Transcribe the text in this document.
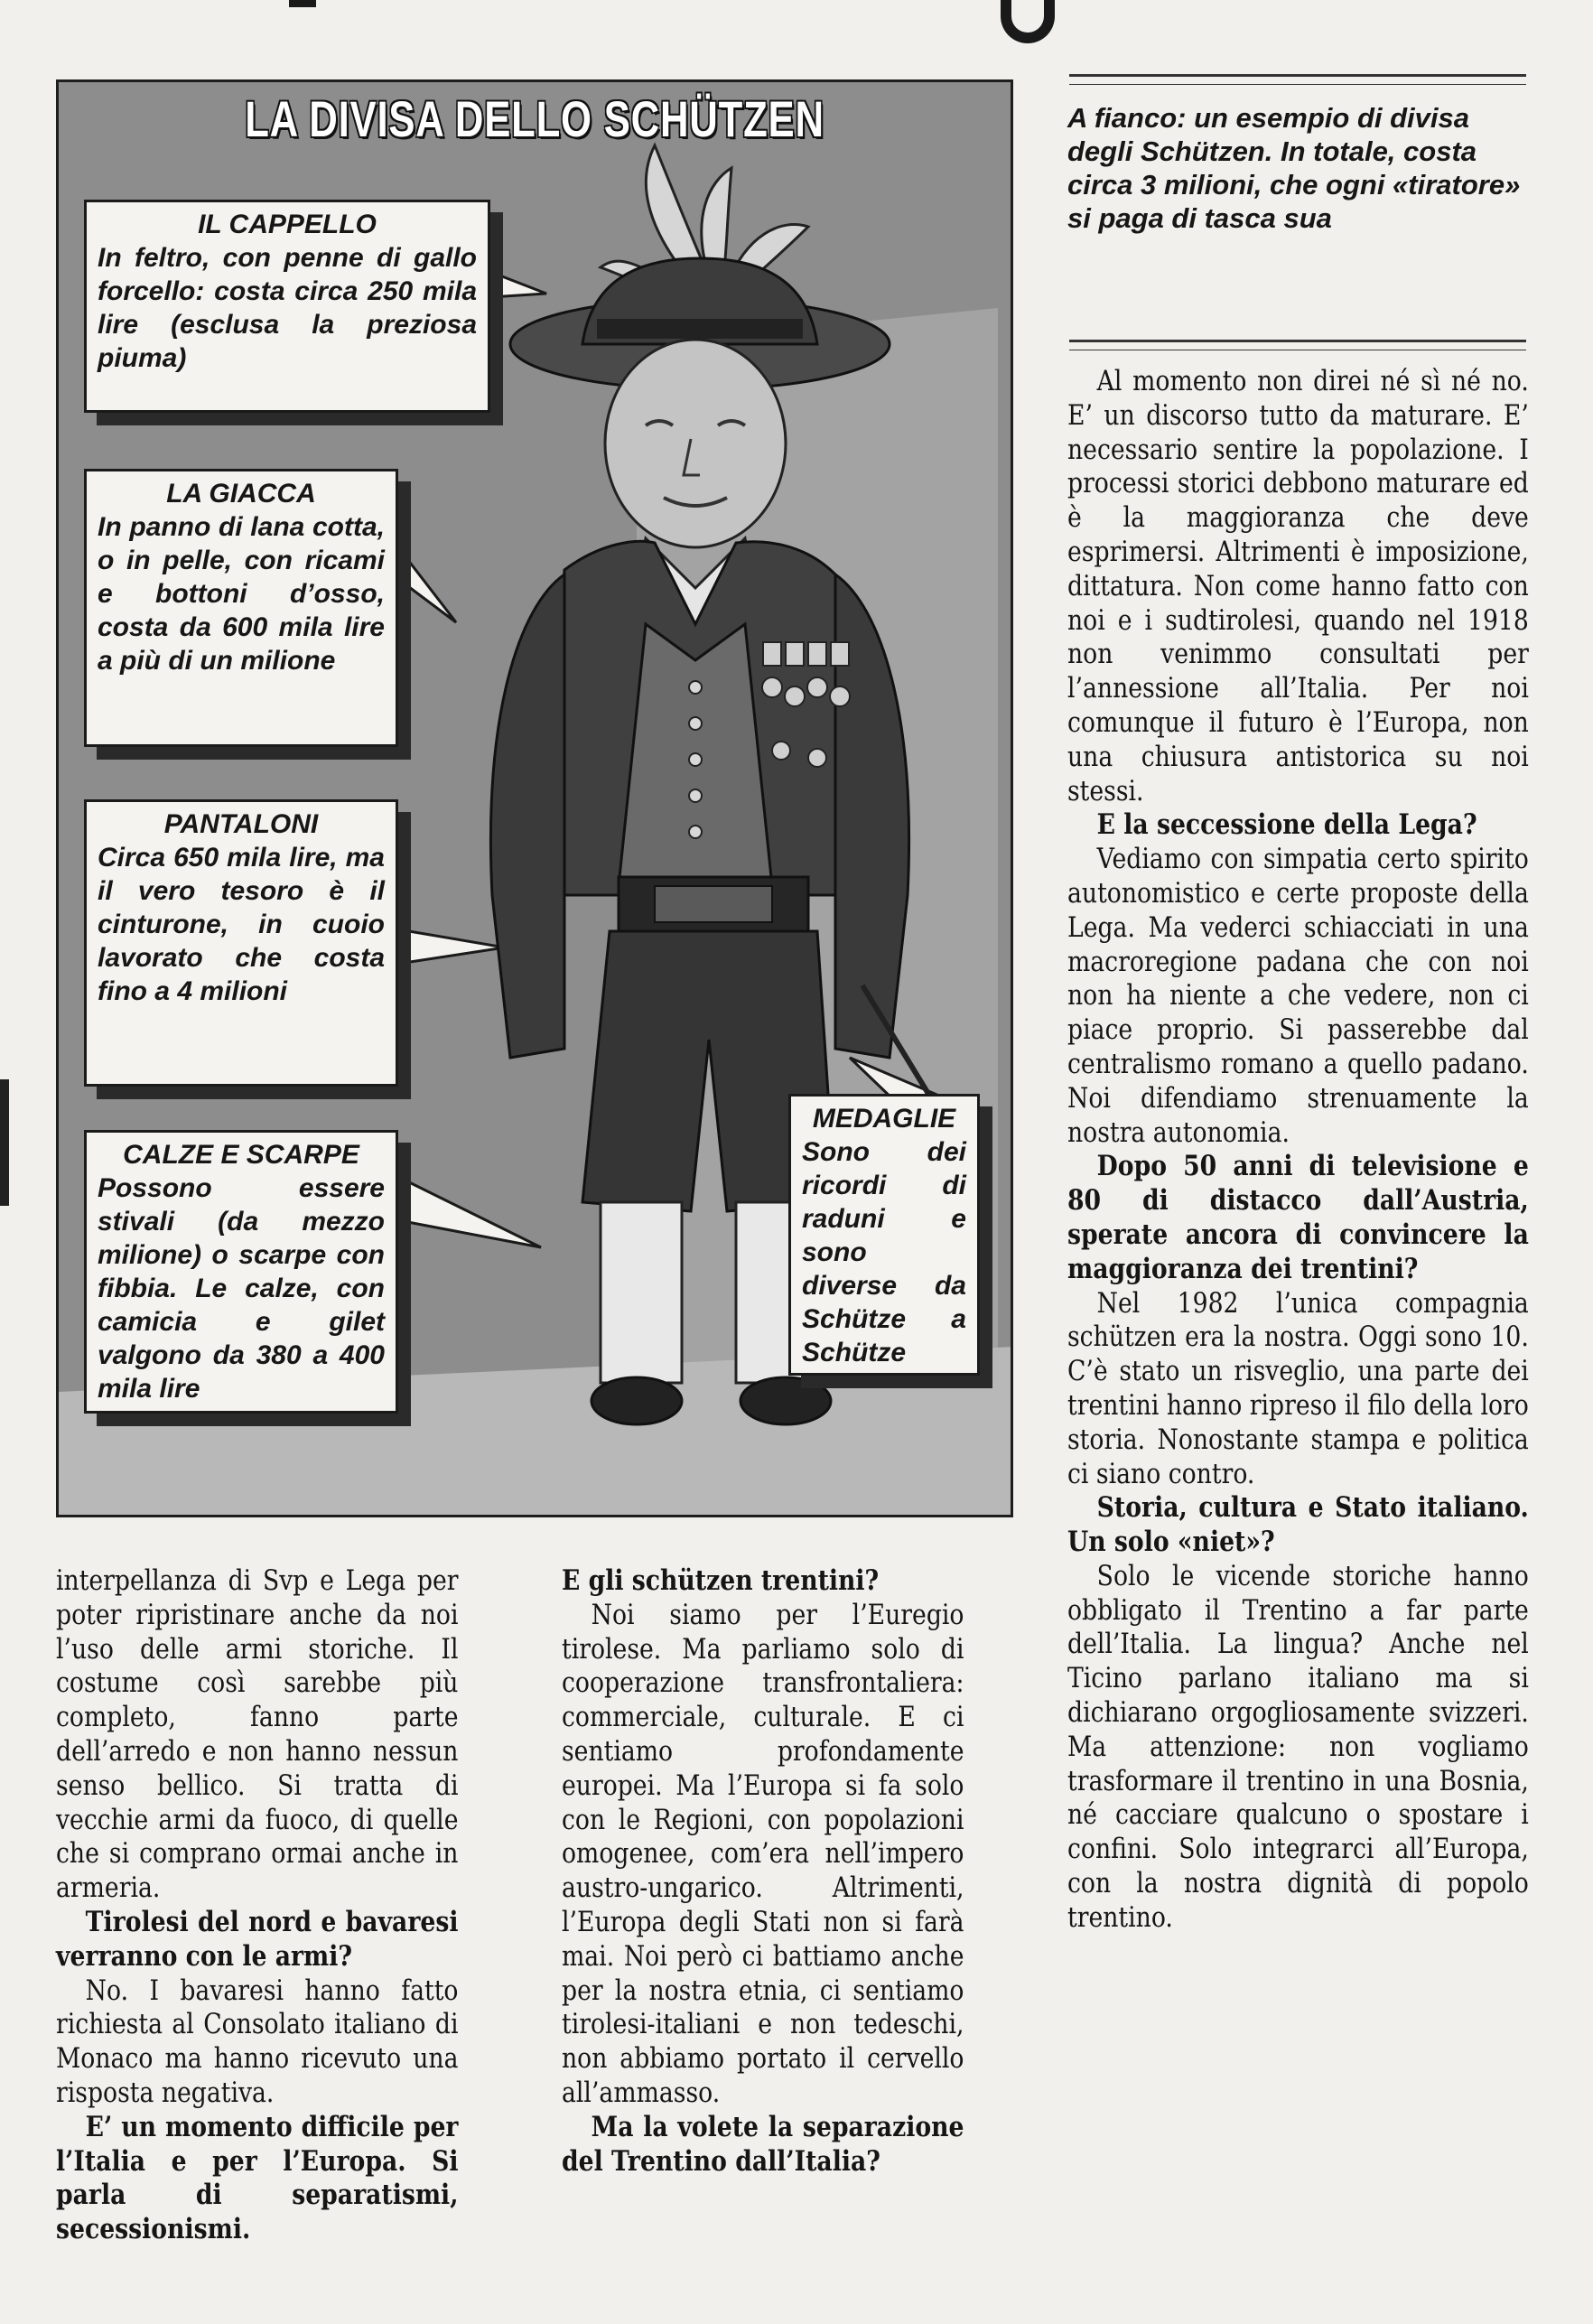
LA DIVISA DELLO SCHÜTZEN
IL CAPPELLO
In feltro, con penne di gallo forcello: costa circa 250 mila lire (esclusa la preziosa piuma)
LA GIACCA
In panno di lana cotta, o in pelle, con ricami e bottoni d’osso, costa da 600 mila lire a più di un milione
PANTALONI
Circa 650 mila lire, ma il vero tesoro è il cinturone, in cuoio lavorato che costa fino a 4 milioni
CALZE E SCARPE
Possono essere stivali (da mezzo milione) o scarpe con fibbia. Le calze, con camicia e gilet valgono da 380 a 400 mila lire
MEDAGLIE
Sono dei ricordi di raduni e sono diverse da Schütze a Schütze
A fianco: un esempio di divisa degli Schützen. In totale, costa circa 3 milioni, che ogni «tiratore» si paga di tasca sua

Al momento non direi né sì né no. E’ un discorso tutto da maturare. E’ necessario sentire la popolazione. I processi storici debbono maturare ed è la maggioranza che deve esprimersi. Altrimenti è imposizione, dittatura. Non come hanno fatto con noi e i sudtirolesi, quando nel 1918 non venimmo consultati per l’annessione all’Italia. Per noi comunque il futuro è l’Europa, non una chiusura antistorica su noi stessi.

E la seccessione della Lega?

Vediamo con simpatia certo spirito autonomistico e certe proposte della Lega. Ma vederci schiacciati in una macroregione padana che con noi non ha niente a che vedere, non ci piace proprio. Si passerebbe dal centralismo romano a quello padano. Noi difendiamo strenuamente la nostra autonomia.

Dopo 50 anni di televisione e 80 di distacco dall’Austria, sperate ancora di convincere la maggioranza dei trentini?

Nel 1982 l’unica compagnia schützen era la nostra. Oggi sono 10. C’è stato un risveglio, una parte dei trentini hanno ripreso il filo della loro storia. Nonostante stampa e politica ci siano contro.

Storia, cultura e Stato italiano. Un solo «niet»?

Solo le vicende storiche hanno obbligato il Trentino a far parte dell’Italia. La lingua? Anche nel Ticino parlano italiano ma si dichiarano orgogliosamente svizzeri. Ma attenzione: non vogliamo trasformare il trentino in una Bosnia, né cacciare qualcuno o spostare i confini. Solo integrarci all’Europa, con la nostra dignità di popolo trentino.

interpellanza di Svp e Lega per poter ripristinare anche da noi l’uso delle armi storiche. Il costume così sarebbe più completo, fanno parte dell’arredo e non hanno nessun senso bellico. Si tratta di vecchie armi da fuoco, di quelle che si comprano ormai anche in armeria.

Tirolesi del nord e bavaresi verranno con le armi?

No. I bavaresi hanno fatto richiesta al Consolato italiano di Monaco ma hanno ricevuto una risposta negativa.

E’ un momento difficile per l’Italia e per l’Europa. Si parla di separatismi, secessionismi.

E gli schützen trentini?

Noi siamo per l’Euregio tirolese. Ma parliamo solo di cooperazione transfrontaliera: commerciale, culturale. E ci sentiamo profondamente europei. Ma l’Europa si fa solo con le Regioni, con popolazioni omogenee, com’era nell’impero austro-ungarico. Altrimenti, l’Europa degli Stati non si farà mai. Noi però ci battiamo anche per la nostra etnia, ci sentiamo tirolesi-italiani e non tedeschi, non abbiamo portato il cervello all’ammasso.

Ma la volete la separazione del Trentino dall’Italia?
